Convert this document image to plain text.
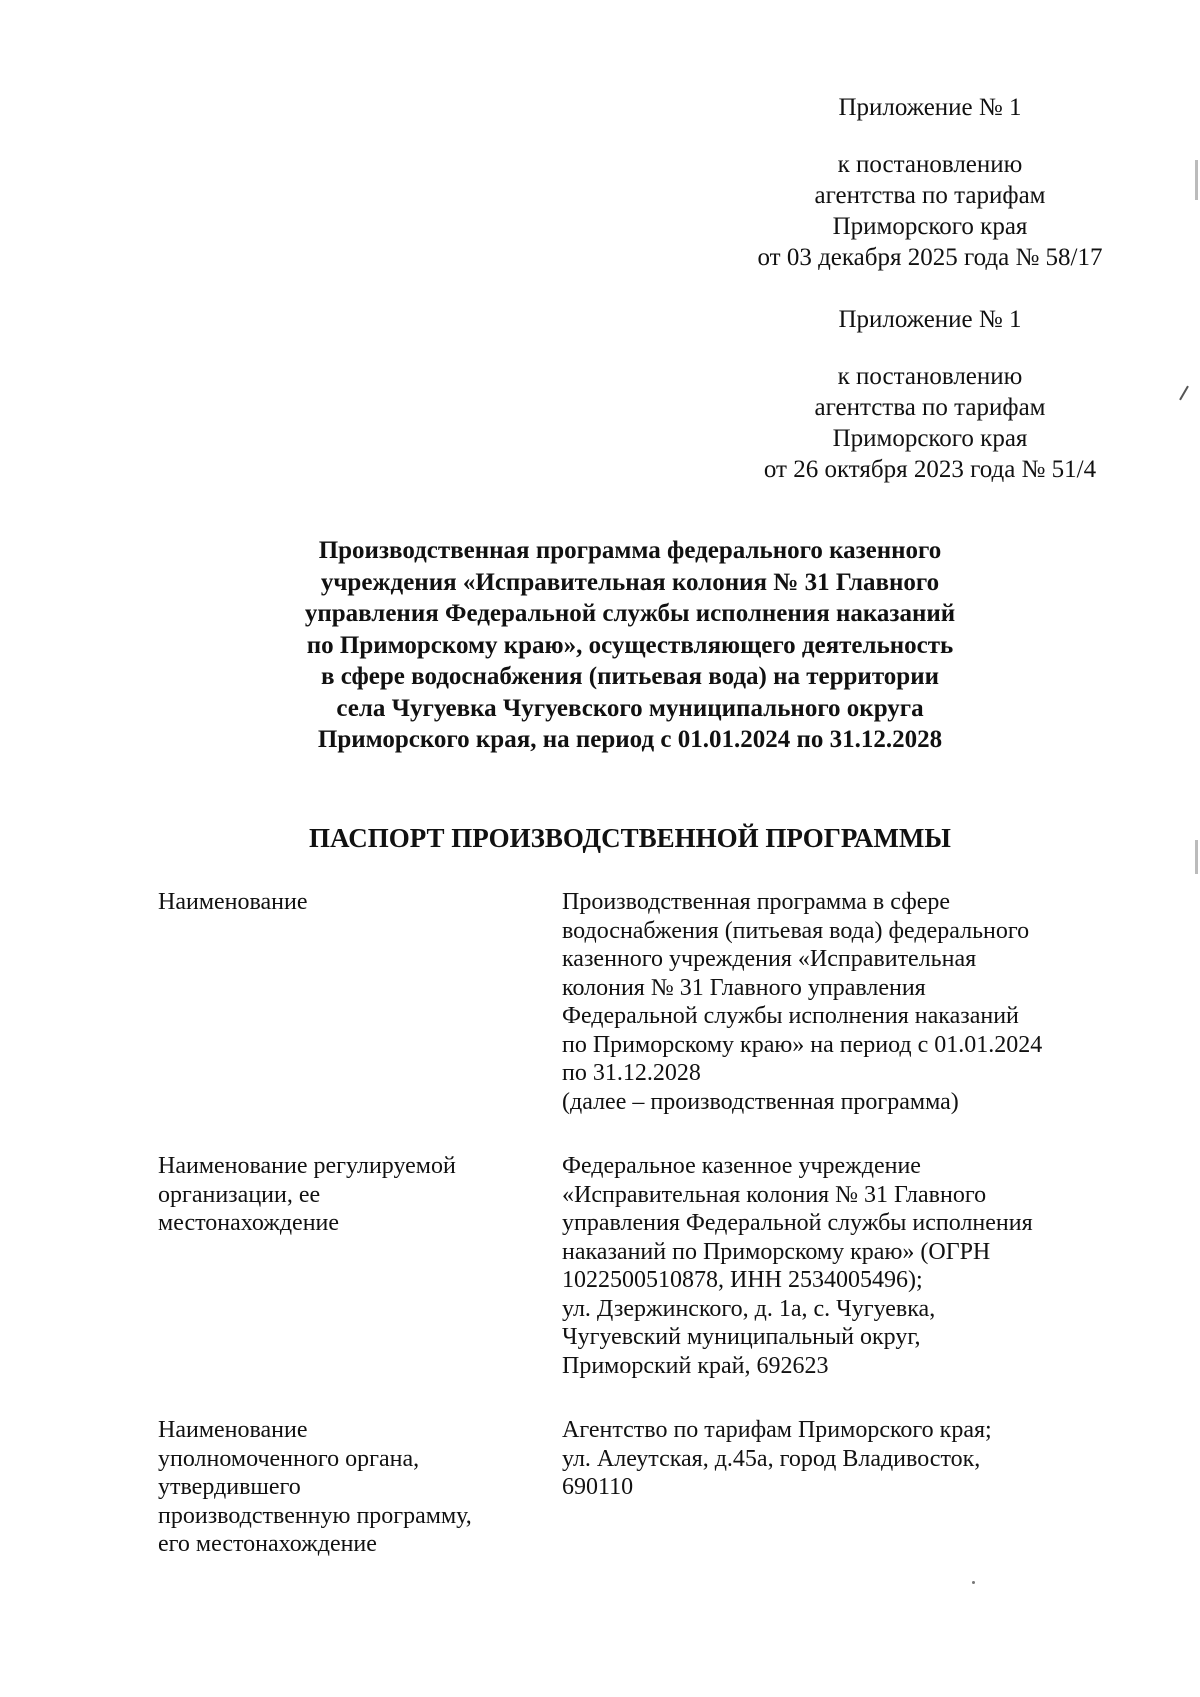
Приложение № 1
к постановлению
агентства по тарифам
Приморского края
от 03 декабря 2025 года № 58/17
Приложение № 1
к постановлению
агентства по тарифам
Приморского края
от 26 октября 2023 года № 51/4
Производственная программа федерального казенного
учреждения «Исправительная колония № 31 Главного
управления Федеральной службы исполнения наказаний
по Приморскому краю», осуществляющего деятельность
в сфере водоснабжения (питьевая вода) на территории
села Чугуевка Чугуевского муниципального округа
Приморского края, на период с 01.01.2024 по 31.12.2028
ПАСПОРТ ПРОИЗВОДСТВЕННОЙ ПРОГРАММЫ
Наименование	Производственная программа в сфере
водоснабжения (питьевая вода) федерального
казенного учреждения «Исправительная
колония № 31 Главного управления
Федеральной службы исполнения наказаний
по Приморскому краю» на период с 01.01.2024
по 31.12.2028
(далее – производственная программа)
Наименование регулируемой
организации, ее
местонахождение
Федеральное казенное учреждение
«Исправительная колония № 31 Главного
управления Федеральной службы исполнения
наказаний по Приморскому краю» (ОГРН
1022500510878, ИНН 2534005496);
ул. Дзержинского, д. 1а, с. Чугуевка,
Чугуевский муниципальный округ,
Приморский край, 692623
Наименование
уполномоченного органа,
утвердившего
производственную программу,
его местонахождение
Агентство по тарифам Приморского края;
ул. Алеутская, д.45а, город Владивосток,
690110
